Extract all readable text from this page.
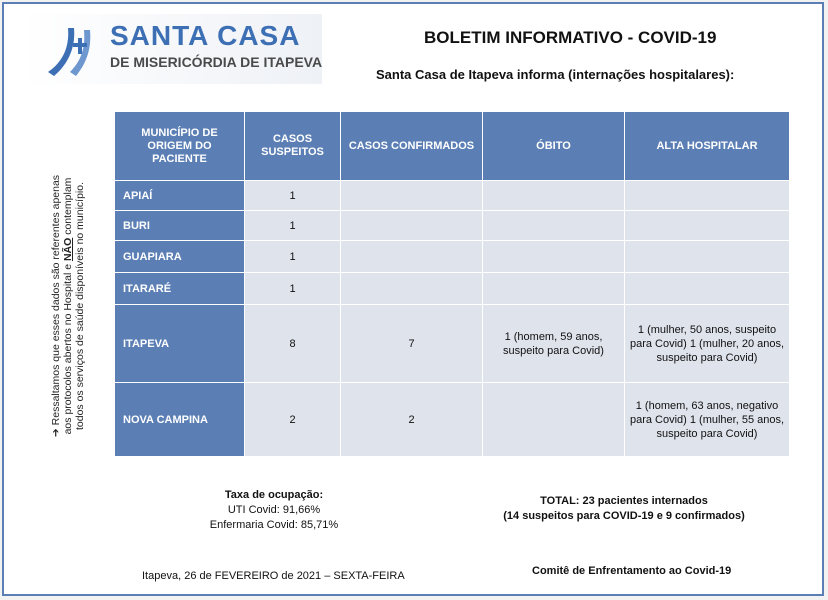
SANTA CASA
DE MISERICÓRDIA DE ITAPEVA
BOLETIM INFORMATIVO - COVID-19
Santa Casa de Itapeva informa (internações hospitalares):
➔ Ressaltamos que esses dados são referentes apenas aos protocolos abertos no Hospital e NÃO contemplam todos os serviços de saúde disponíveis no município.
MUNICÍPIO DE ORIGEM DO PACIENTE	CASOS SUSPEITOS	CASOS CONFIRMADOS	ÓBITO	ALTA HOSPITALAR
APIAÍ	1			
BURI	1			
GUAPIARA	1			
ITARARÉ	1			
ITAPEVA	8	7	1 (homem, 59 anos, suspeito para Covid)	1 (mulher, 50 anos, suspeito para Covid) 1 (mulher, 20 anos, suspeito para Covid)
NOVA CAMPINA	2	2		1 (homem, 63 anos, negativo para Covid) 1 (mulher, 55 anos, suspeito para Covid)
Taxa de ocupação:
UTI Covid: 91,66%
Enfermaria Covid: 85,71%
TOTAL: 23 pacientes internados
(14 suspeitos para COVID-19 e 9 confirmados)
Itapeva, 26 de FEVEREIRO de 2021 – SEXTA-FEIRA	Comitê de Enfrentamento ao Covid-19
